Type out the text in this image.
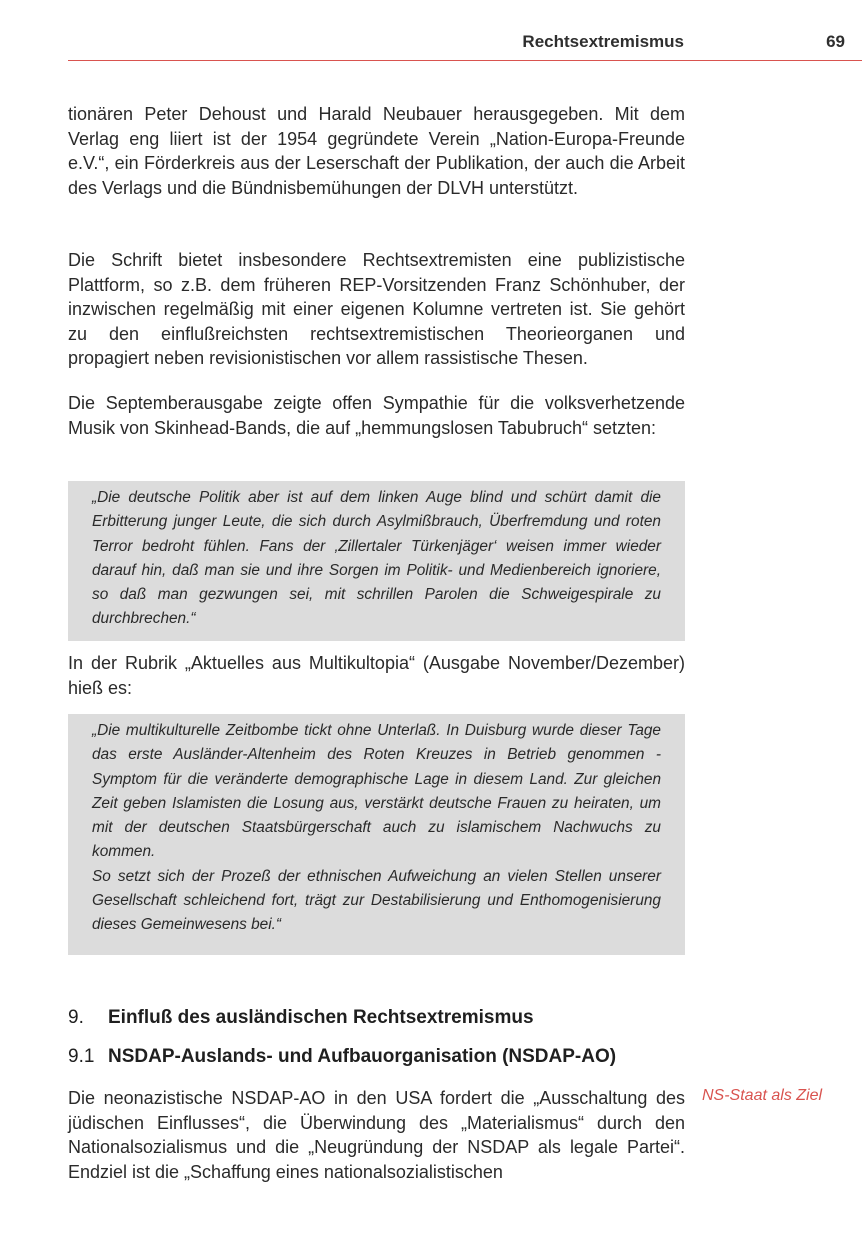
Rechtsextremismus	69

tionären Peter Dehoust und Harald Neubauer herausgegeben. Mit dem Verlag eng liiert ist der 1954 gegründete Verein „Nation-Europa-Freunde e.V.“, ein Förderkreis aus der Leserschaft der Publikation, der auch die Arbeit des Verlags und die Bündnisbemühungen der DLVH unterstützt.

Die Schrift bietet insbesondere Rechtsextremisten eine publizistische Plattform, so z.B. dem früheren REP-Vorsitzenden Franz Schönhuber, der inzwischen regelmäßig mit einer eigenen Kolumne vertreten ist. Sie gehört zu den einflußreichsten rechtsextremistischen Theorieorganen und propagiert neben revisionistischen vor allem rassistische Thesen.

Die Septemberausgabe zeigte offen Sympathie für die volksverhetzende Musik von Skinhead-Bands, die auf „hemmungslosen Tabubruch“ setzten:

„Die deutsche Politik aber ist auf dem linken Auge blind und schürt damit die Erbitterung junger Leute, die sich durch Asylmißbrauch, Überfremdung und roten Terror bedroht fühlen. Fans der ‚Zillertaler Türkenjäger‘ weisen immer wieder darauf hin, daß man sie und ihre Sorgen im Politik- und Medienbereich ignoriere, so daß man gezwungen sei, mit schrillen Parolen die Schweigespirale zu durchbrechen.“

In der Rubrik „Aktuelles aus Multikultopia“ (Ausgabe November/Dezember) hieß es:

„Die multikulturelle Zeitbombe tickt ohne Unterlaß. In Duisburg wurde dieser Tage das erste Ausländer-Altenheim des Roten Kreuzes in Betrieb genommen - Symptom für die veränderte demographische Lage in diesem Land. Zur gleichen Zeit geben Islamisten die Losung aus, verstärkt deutsche Frauen zu heiraten, um mit der deutschen Staatsbürgerschaft auch zu islamischem Nachwuchs zu kommen.

So setzt sich der Prozeß der ethnischen Aufweichung an vielen Stellen unserer Gesellschaft schleichend fort, trägt zur Destabilisierung und Enthomogenisierung dieses Gemeinwesens bei.“

9. Einfluß des ausländischen Rechtsextremismus
9.1 NSDAP-Auslands- und Aufbauorganisation (NSDAP-AO)

Die neonazistische NSDAP-AO in den USA fordert die „Ausschaltung des jüdischen Einflusses“, die Überwindung des „Materialismus“ durch den Nationalsozialismus und die „Neugründung der NSDAP als legale Partei“. Endziel ist die „Schaffung eines nationalsozialistischen

NS-Staat als Ziel
